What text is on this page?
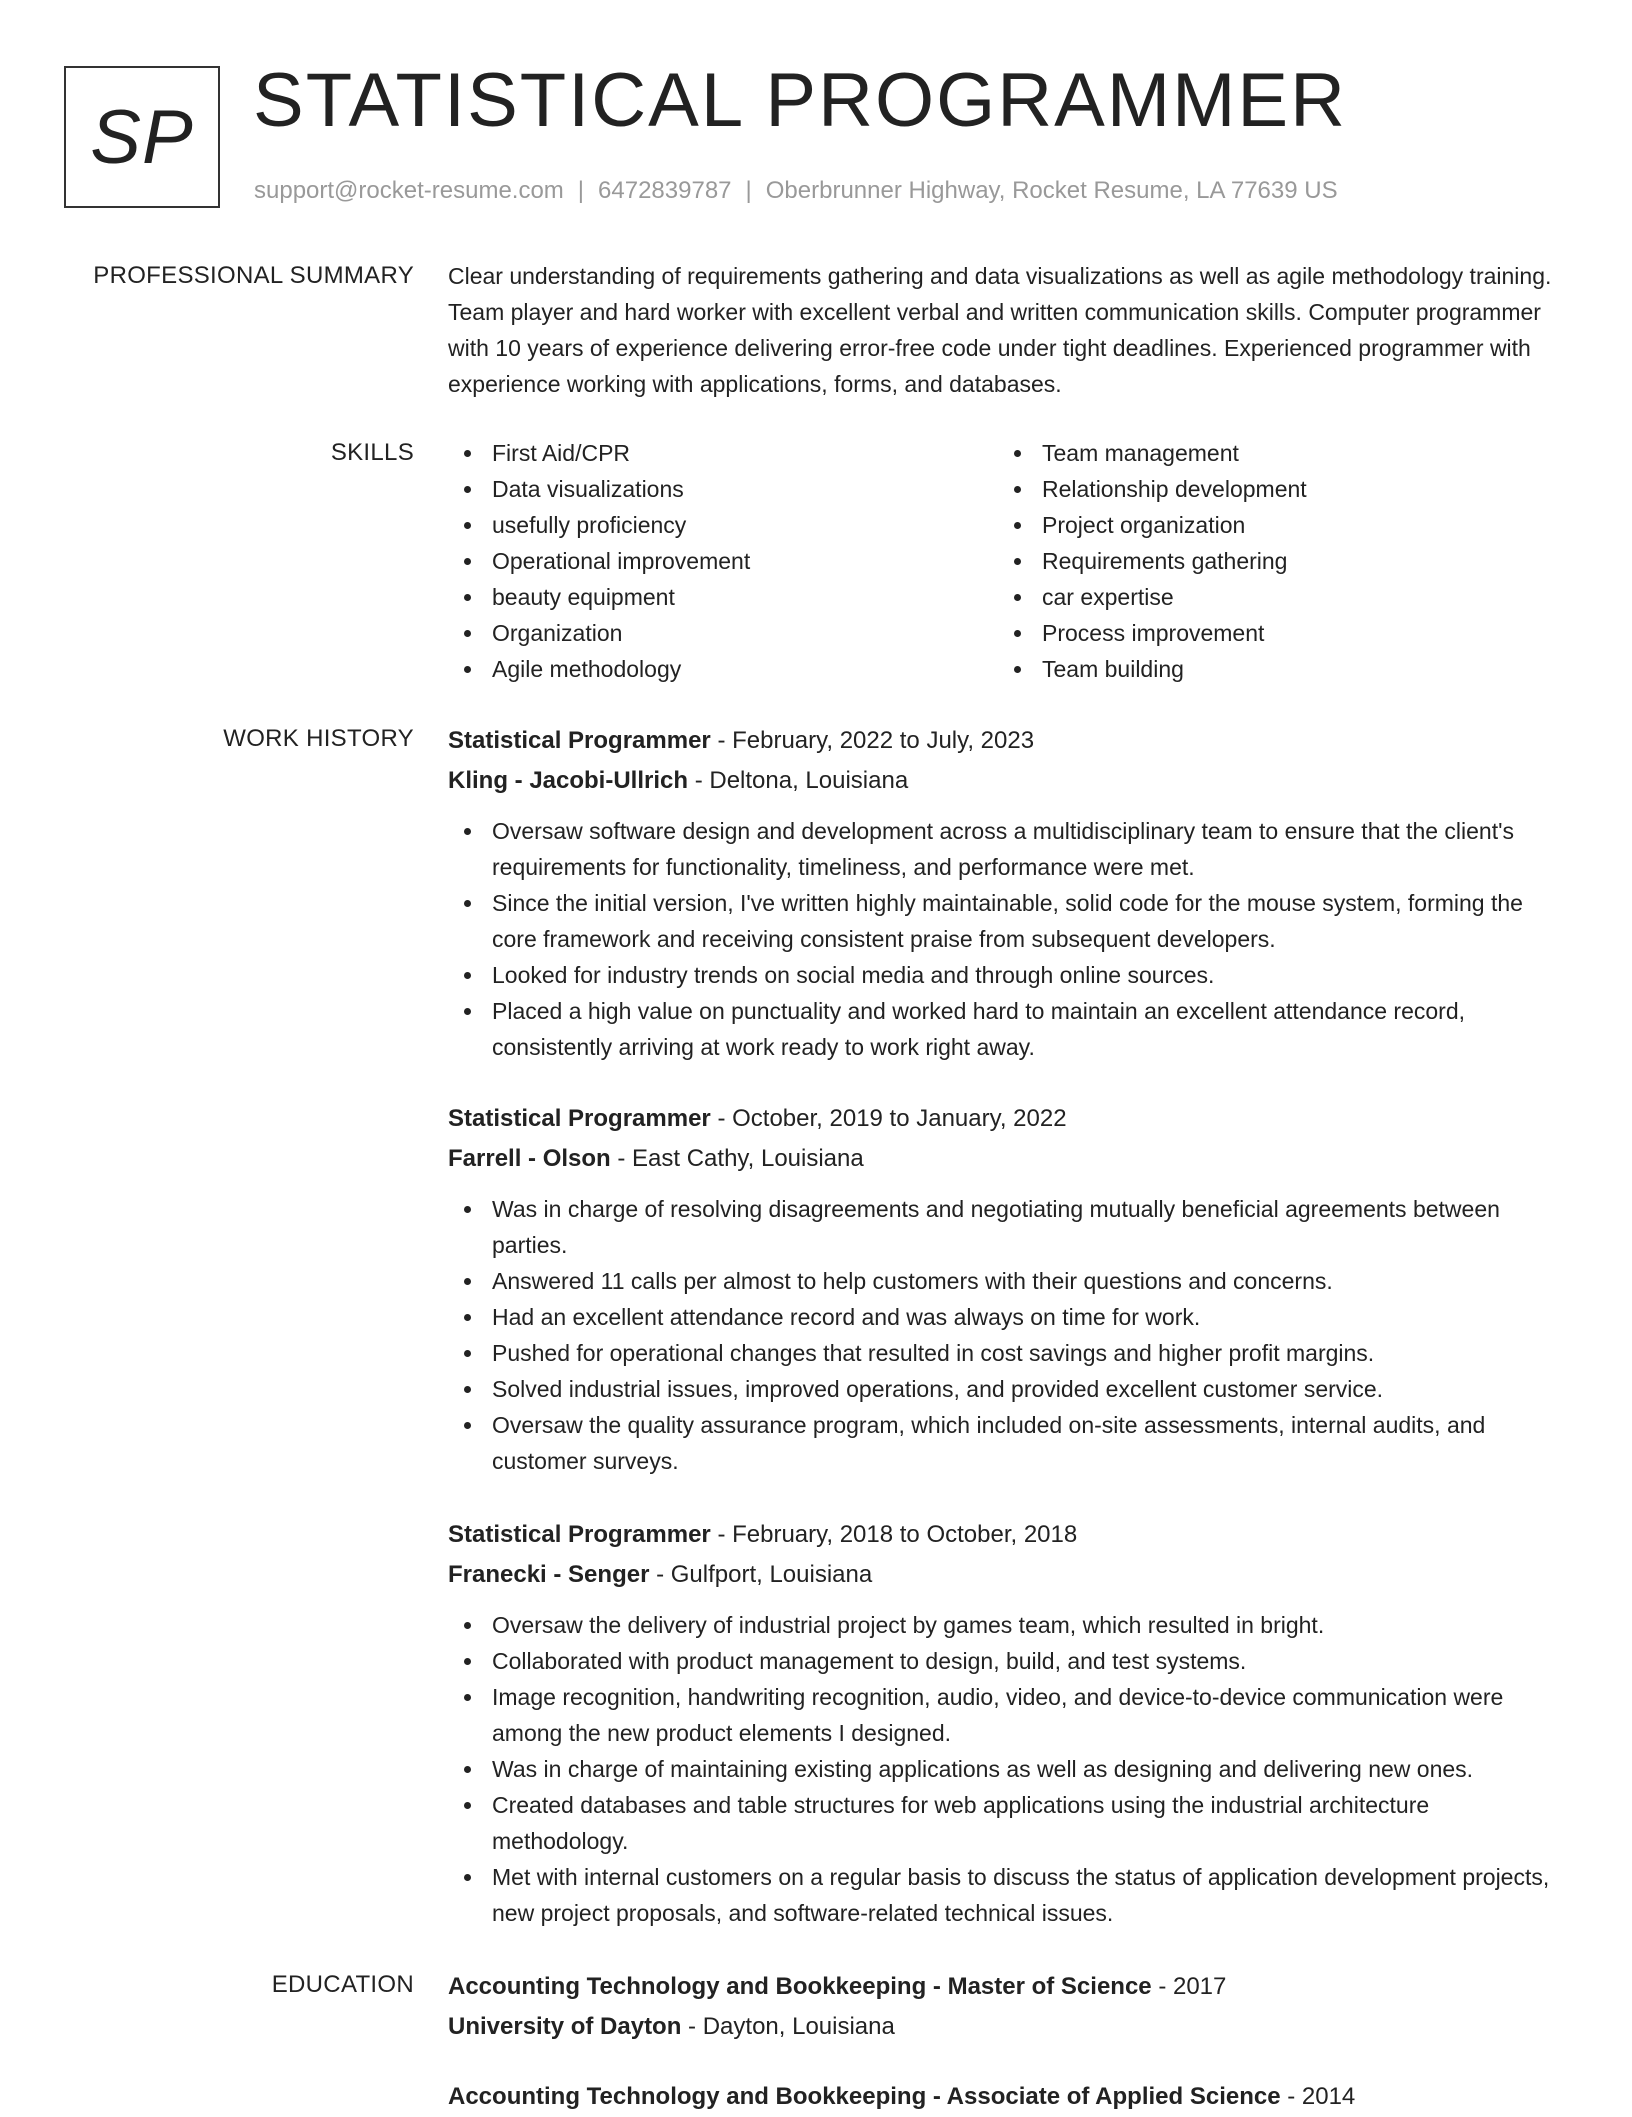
SP STATISTICAL PROGRAMMER
support@rocket-resume.com | 6472839787 | Oberbrunner Highway, Rocket Resume, LA 77639 US
PROFESSIONAL SUMMARY Clear understanding of requirements gathering and data visualizations as well as agile methodology training. Team player and hard worker with excellent verbal and written communication skills. Computer programmer with 10 years of experience delivering error-free code under tight deadlines. Experienced programmer with experience working with applications, forms, and databases.

SKILLS	First Aid/CPR
Data visualizations
usefully proficiency
Operational improvement
beauty equipment
Organization
Agile methodology
Team management
Relationship development
Project organization
Requirements gathering
car expertise
Process improvement
Team building
WORK HISTORY Statistical Programmer - February, 2022 to July, 2023
Kling - Jacobi-Ullrich - Deltona, Louisiana
Oversaw software design and development across a multidisciplinary team to ensure that the client's requirements for functionality, timeliness, and performance were met.
Since the initial version, I've written highly maintainable, solid code for the mouse system, forming the core framework and receiving consistent praise from subsequent developers.
Looked for industry trends on social media and through online sources.
Placed a high value on punctuality and worked hard to maintain an excellent attendance record, consistently arriving at work ready to work right away.
Statistical Programmer - October, 2019 to January, 2022
Farrell - Olson - East Cathy, Louisiana
Was in charge of resolving disagreements and negotiating mutually beneficial agreements between parties.
Answered 11 calls per almost to help customers with their questions and concerns.
Had an excellent attendance record and was always on time for work.
Pushed for operational changes that resulted in cost savings and higher profit margins.
Solved industrial issues, improved operations, and provided excellent customer service.
Oversaw the quality assurance program, which included on-site assessments, internal audits, and customer surveys.
Statistical Programmer - February, 2018 to October, 2018
Franecki - Senger - Gulfport, Louisiana
Oversaw the delivery of industrial project by games team, which resulted in bright.
Collaborated with product management to design, build, and test systems.
Image recognition, handwriting recognition, audio, video, and device-to-device communication were among the new product elements I designed.
Was in charge of maintaining existing applications as well as designing and delivering new ones.
Created databases and table structures for web applications using the industrial architecture methodology.
Met with internal customers on a regular basis to discuss the status of application development projects, new project proposals, and software-related technical issues.
EDUCATION Accounting Technology and Bookkeeping - Master of Science - 2017
University of Dayton - Dayton, Louisiana
Accounting Technology and Bookkeeping - Associate of Applied Science - 2014
